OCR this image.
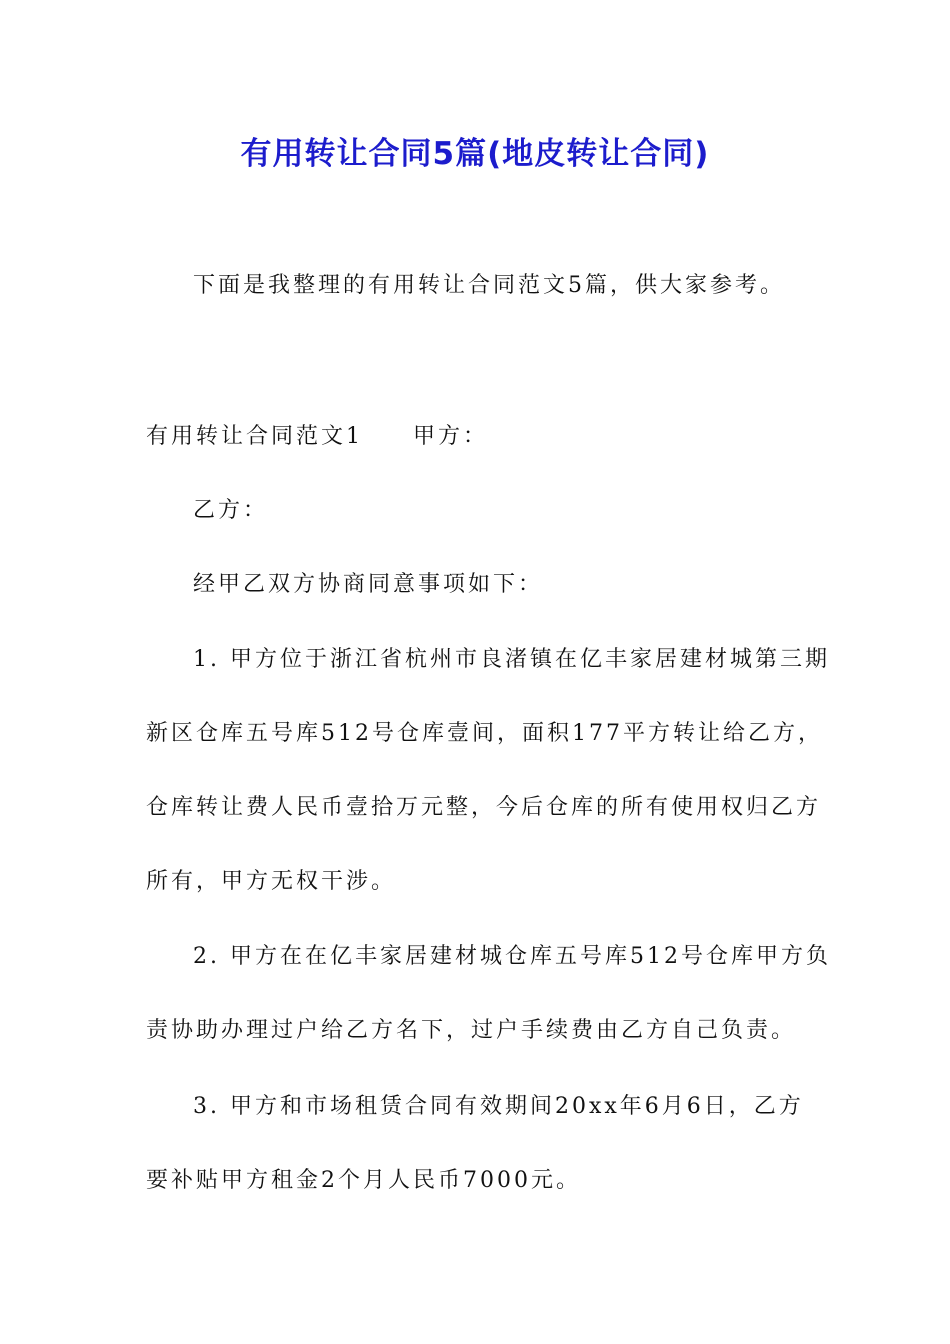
有用转让合同5篇(地皮转让合同)
下面是我整理的有用转让合同范文5篇，供大家参考。
有用转让合同范文1 甲方：
乙方：
经甲乙双方协商同意事项如下：
1. 甲方位于浙江省杭州市良渚镇在亿丰家居建材城第三期
新区仓库五号库512号仓库壹间，面积177平方转让给乙方，
仓库转让费人民币壹拾万元整，今后仓库的所有使用权归乙方
所有，甲方无权干涉。
2. 甲方在在亿丰家居建材城仓库五号库512号仓库甲方负
责协助办理过户给乙方名下，过户手续费由乙方自己负责。
3. 甲方和市场租赁合同有效期间20xx年6月6日，乙方
要补贴甲方租金2个月人民币7000元。
